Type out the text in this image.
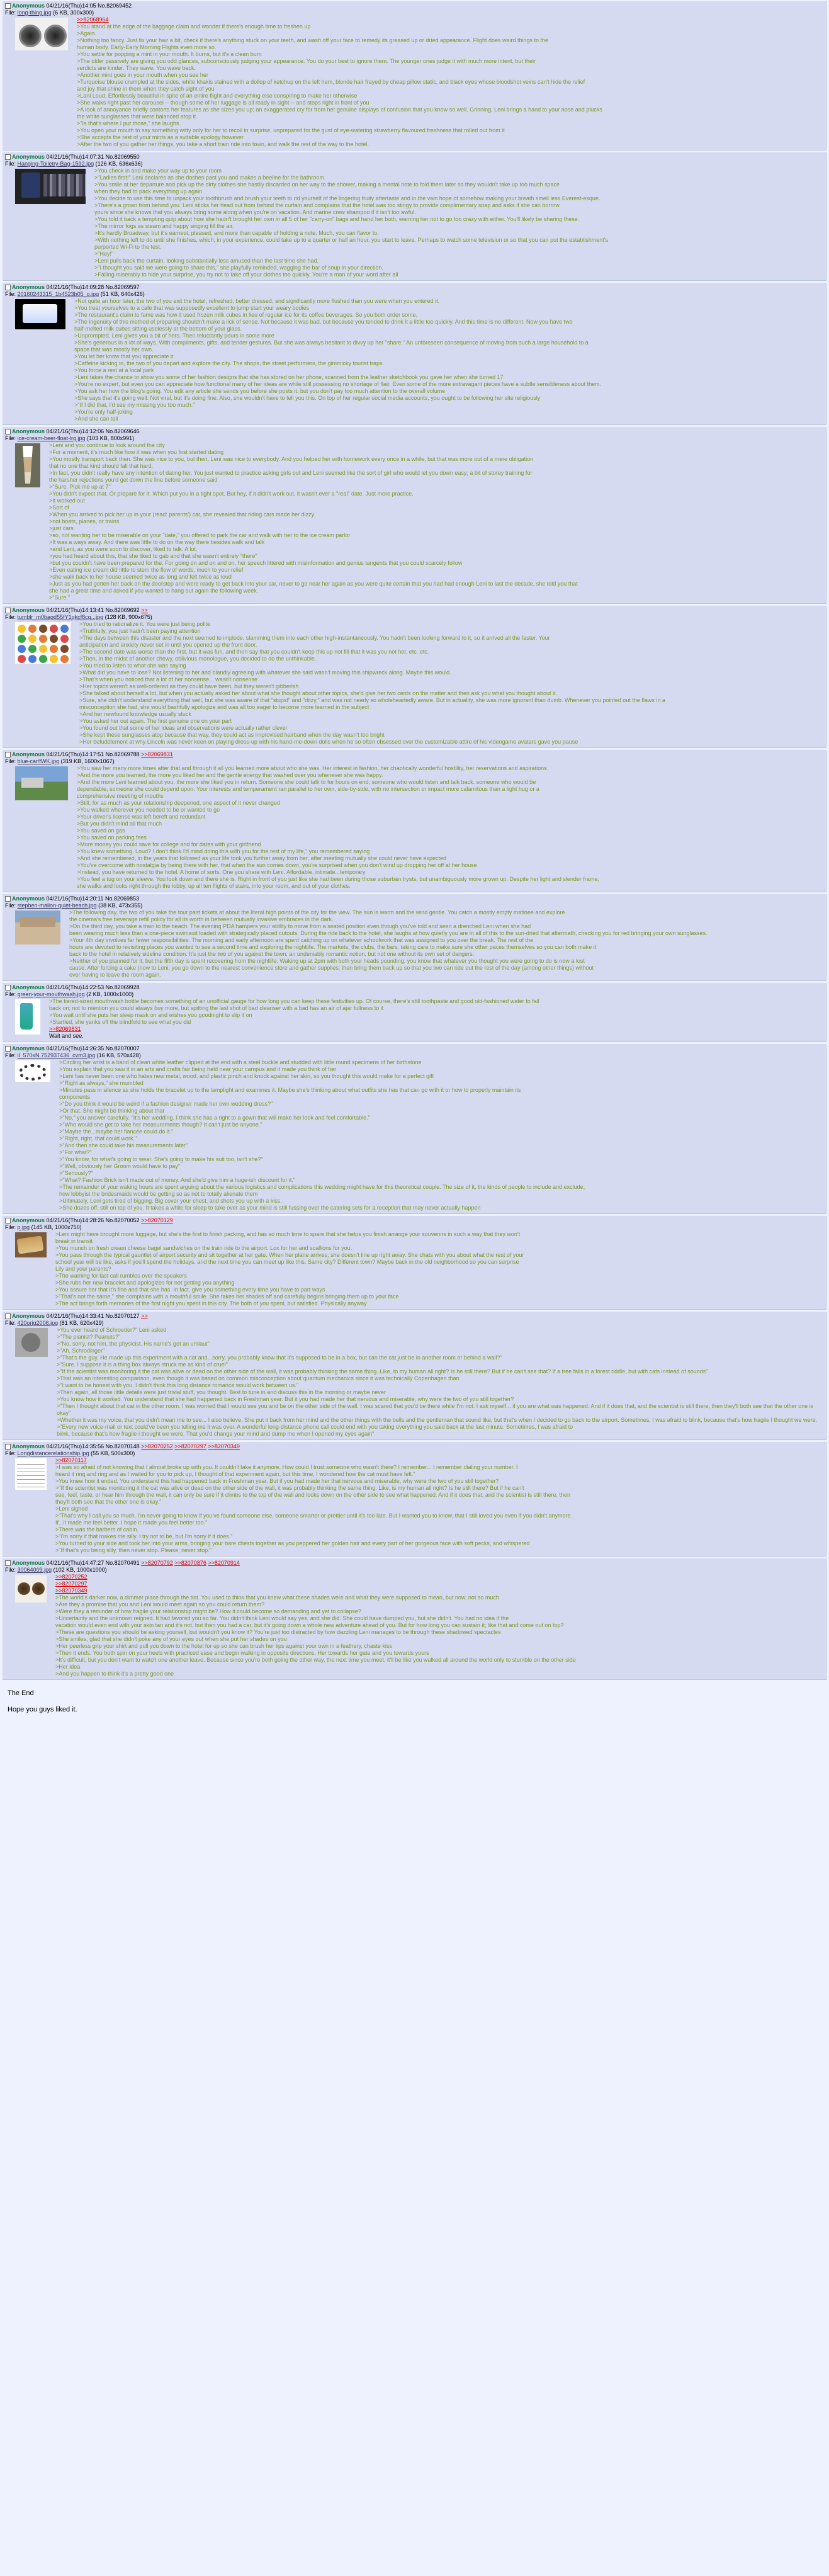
Anonymous 04/21/16(Thu)14:05 No.82069452
File: long-thing.jpg (6 KB, 300x300)
>>82068964
>You stand at the edge of the baggage claim and wonder if there's enough time to freshen up
>Again.
>Nothing too fancy. Just fix your hair a bit, check if there's anything stuck on your teeth, and wash off your face to remedy its greased up or dried appearance. Flight does weird things to the
human body. Early-Early Morning Flights even more so.
>You settle for popping a mint in your mouth. It burns, but it's a clean burn
>The older passively are giving you odd glances, subconsciously judging your appearance. You do your best to ignore them. The younger ones judge it with much more intent, but their
verdicts are kinder. They wave. You wave back.
>Another mint goes in your mouth when you see her
>Turquoise blouse crumpled at the sides, white khakis stained with a dollop of ketchup on the left hem, blonde hair frayed by cheap pillow static, and black eyes whose bloodshot veins can't hide the relief
and joy that shine in them when they catch sight of you
>Lani Loud. Effortlessly beautiful in spite of an entire flight and everything else conspiring to make her otherwise
>She walks right past her carousel -- though some of her luggage is all ready in sight -- and stops right in front of you
>A look of annoyance briefly contorts her features as she sizes you up; an exaggerated cry for from her genuine displays of confusion that you know so well. Grinning, Leni brings a hand to your nose and plucks
the white sunglasses that were balanced atop it.
>"Is that's where I put those," she laughs.
>You open your mouth to say something witty only for her to recoil in surprise, unprepared for the gust of eye-watering strawberry flavoured freshness that rolled out from it
>She accepts the rest of your mints as a suitable apology however
>After the two of you gather her things, you take a short train ride into town, and walk the rest of the way to the hotel.
Anonymous 04/21/16(Thu)14:07:31 No.82069550
File: Hanging-Toiletry-Bag-1592.jpg (126 KB, 636x636)
>You check in and make your way up to your room
>"Ladies first!" Leni declares as she dashes past you and makes a beeline for the bathroom.
>You smile at her departure and pick up the dirty clothes she hastily discarded on her way to the shower, making a mental note to fold them later so they wouldn't take up too much space
when they had to pack everything up again
>You decide to use this time to unpack your toothbrush and brush your teeth to rid yourself of the lingering fruity aftertaste and in the vain hope of somehow making your breath smell less Everest-esque.
>There's a groan from behind you. Leni sticks her head out from behind the curtain and complains that the hotel was too stingy to provide complimentary soap and asks if she can borrow
yours since she knows that you always bring some along when you're on vacation. And marine crew shampoo if it isn't too awful.
>You told it back a tempting quip about how she hadn't brought her own in all 5 of her "carry-on" bags and hand her both, warning her not to go too crazy with either. You'll likely be sharing these.
>The mirror fogs as steam and happy singing fill the air.
>It's hardly Broadway, but it's earnest, pleased, and more than capable of holding a note. Much, you can flavor to.
>With nothing left to do until she finishes, which, in your experience, could take up to a quarter or half an hour, you start to leave. Perhaps to watch some television or so that you can put the establishment's
purported Wi-Fi to the test.
>"Hey!"
>Leni pulls back the curtain, looking substantially less amused than the last time she had.
>"I thought you said we were going to share this," she playfully reminded, wagging the bar of soup in your direction.
>Falling miserably to hide your surprise, you try not to take off your clothes too quickly. You're a man of your word after all
Anonymous 04/21/16(Thu)14:09:28 No.82069597
File: 20160243315_1b4523b05_o.jpg (51 KB, 640x426)
>Not quite an hour later, the two of you exit the hotel, refreshed, better dressed, and significantly more flushed than you were when you entered it.
>You treat yourselves to a cafe that was supposedly excellent to jump start your weary bodies
>The restaurant's claim to fame was how it used frozen milk cubes in lieu of regular ice for its coffee beverages. So you both order some.
>The ingenuity of this method of preparing shouldn't make a lick of sense. Not because it was bad, but because you tended to drink it a little too quickly. And this time is no different. Now you have two
half-melted milk cubes sitting uselessly at the bottom of your glass.
>Unprompted, Leni gives you a bit of hers. Then reluctantly pours in some more
>She's generous in a lot of ways. With compliments, gifts, and tender gestures. But she was always hesitant to divvy up her "share." An unforeseen consequence of moving from such a large household to a
space that was mostly her own.
>You let her know that you appreciate it
>Caffeine kicking in, the two of you depart and explore the city. The shops, the street performers, the gimmicky tourist traps.
>You force a rest at a local park
>Leni takes the chance to show you some of her fashion designs that she has stored on her phone, scanned from the leather sketchbook you gave her when she turned 17
>You're no expert, but even you can appreciate how functional many of her ideas are while still possessing no shortage of flair. Even some of the more extravagant pieces have a subtle sensibleness about them.
>You ask her how the blog's going. You edit any article she sends you before she posts it, but you don't pay too much attention to the overall volume
>She says that it's going well. Not viral, but it's doing fine. Also, she wouldn't have to tell you this. On top of her regular social media accounts, you ought to be following her site religiously
>"If I did that, I'd see my missing you too much."
>You're only half-joking
>And she can tell
Anonymous 04/21/16(Thu)14:12:06 No.82069646
File: ice-cream-beer-float-lrg.jpg (103 KB, 800x991)
>Leni and you continue to look around the city
>For a moment, it's much like how it was when you first started dating
>You mostly transport back then. She was nice to you, but then, Leni was nice to everybody. And you helped her with homework every once in a while, but that was more out of a mere obligation
that no one that kind should fall that hard.
>In fact, you didn't really have any intention of dating her. You just wanted to practice asking girls out and Leni seemed like the sort of girl who would let you down easy; a bit of storey training for
the harsher rejections you'd get down the line before someone said
>"Sure. Pick me up at 7"
>You didn't expect that. Or prepare for it. Which put you in a tight spot. But hey, if it didn't work out, it wasn't ever a "real" date. Just more practice.
>It worked out
>Sort of
>When you arrived to pick her up in your (read: parents') car, she revealed that riding cars made her dizzy
>not boats, planes, or trains
>just cars
>so, not wanting her to be miserable on your "date," you offered to park the car and walk with her to the ice cream parlor
>It was a ways away. And there was little to do on the way there besides walk and talk
>and Leni, as you were soon to discover, liked to talk. A lot.
>you had heard about this, that she liked to gab and that she wasn't entirely "there"
>but you couldn't have been prepared for the. For going on and on and on, her speech littered with misinformation and genius tangents that you could scarcely follow
>Even eating ice cream did little to stem the flow of words, much to your relief
>she walk back to her house seemed twice as long and felt twice as loud
>Just as you had gotten her back on the doorstep and were ready to get back into your car, never to go near her again as you were quite certain that you had had enough Leni to last the decade, she told you that
she had a great time and asked if you wanted to hang out again the following week.
>"Sure."
Anonymous 04/21/16(Thu)14:13:41 No.82069692 >>
File: tumblr_m0bagd55fY1qkcf8cq...jpg (128 KB, 900x675)
>You tried to rationalize it. You were just being polite
>Truthfully, you just hadn't been paying attention
>The days between this disaster and the next seemed to implode, slamming them into each other high-instantaneously. You hadn't been looking forward to it, so it arrived all the faster. Your
anticipation and anxiety never set in until you opened up the front door.
>The second date was worse than the first. but it was fun, and then say that you couldn't keep this up not fill that it was you not her, etc. etc.
>Then, in the midst of another chewy, oblivious monologue, you decided to do the unthinkable.
>You tried to listen to what she was saying
>What did you have to lose? Not listening to her and blandly agreeing with whatever she said wasn't moving this shipwreck along. Maybe this would.
>That's when you noticed that a lot of her nonsense... wasn't nonsense
>Her topics weren't as well-ordered as they could have been, but they weren't gibberish
>She talked about herself a lot, but when you actually asked her about what she thought about other topics, she'd give her two cents on the matter and then ask you what you thought about it.
>Sure, she didn't understand everything that well, but she was aware of that "stupid" and "ditzy," and was not nearly so wholeheartedly aware. But in actuality, she was more ignorant than dumb. Whenever you pointed out the flaws in a
misconception she had, she would bashfully apologize and was all too eager to become more learned in the subject
>And her newfound knowledge usually stuck
>You asked her out again. The first genuine one on your part
>You found out that some of her ideas and observations were actually rather clever
>She kept these sunglasses atop because that way, they could act as improvised hairband when the day wasn't too bright
>Her befuddlement at why Lincoln was never keen on playing dress-up with his hand-me-down dolls when he so often obsessed over the customizable attire of his videogame avatars gave you pause
Anonymous 04/21/16(Thu)14:17:51 No.82069788 >>82069831
File: blue-car/fWK.jpg (319 KB, 1600x1067)
>You saw her many more times after that and through it all you learned more about who she was. Her interest in fashion, her chaotically wonderful hostility, her reservations and aspirations.
>And the more you learned, the more you liked her and the gentle energy that washed over you whenever she was happy.
>And the more Leni learned about you, the more she liked you in return. Someone she could talk to for hours on end; someone who would listen and talk back. someone who would be
dependable, someone she could depend upon. Your interests and temperament ran parallel to her own, side-by-side, with no intersection or impact more calamitous than a light hug or a
comprehensive meeting of mouths
>Still, for as much as your relationship deepened, one aspect of it never changed
>You walked wherever you needed to be or wanted to go
>Your driver's license was left bereft and redundant
>But you didn't mind all that much
>You saved on gas
>You saved on parking fees
>More money you could save for college and for dates with your girlfriend
>You knew something. Loud? I don't think I'd mind doing this with you for the rest of my life," you remembered saying
>And she remembered, in the years that followed as your life took you further away from her, after meeting mutually she could never have expected
>You've overcome with nostalgia by being there with her, that when the sun comes down, you're surprised when you don't wind up dropping her off at her house
>Instead, you have returned to the hotel. A home of sorts. One you share with Leni. Affordable, intimate...temporary
>You feel a tug on your sleeve. You look down and there she is. Right in front of you just like she had been during those suburban trysts; but unambiguously more grown up. Despite her light and slender frame,
she walks and looks right through the lobby, up all ten flights of stairs, into your room, and out of your clothes.
Anonymous 04/21/16(Thu)14:20:11 No.82069853
File: stephen-mallon-quiet-beach.jpg (38 KB, 473x355)
>The following day, the two of you take the tour past tickets at about the literal high points of the city for the view. The sun is warm and the wind gentle. You catch a mostly empty matinee and explore
the cinema's free beverage refill policy for all its worth in between mutually invasive embraces in the dark.
>On the third day, you take a train to the beach. The evening PDA hampers your ability to move from a seated position even though you've told and seen a drenched Leni when she had
been wearing much less than a one-piece swimsuit loaded with strategically placed cutouts. During the ride back to the hotel, she laughs at how quietly you are in all of this to the sun-dried that aftermath, checking you for red bringing your own sunglasses.
>Your 4th day involves far fewer responsibilities. The morning and early afternoon are spent catching up on whatever schoolwork that was assigned to you over the break. The rest of the
hours are devoted to revisiting places you wanted to see a second time and exploring the nightlife. The markets, the clubs, the bars. taking care to make sure she other paces themselves so you can both make it
back to the hotel in relatively sideline condition. It's just the two of you against the town; an undeniably romantic notion, but not one without its own set of dangers.
>Neither of you planned for it, but the fifth day is spent recovering from the nightlife. Waking up at 2pm with both your heads pounding; you know that whatever you thought you were going to do is now a lost
cause. After forcing a cake (now to Leni, you go down to the nearest convenience store and gather supplies; then bring them back up so that you two can ride out the rest of the day (among other things) without
ever having to leave the room again.
Anonymous 04/21/16(Thu)14:22:53 No.82069928
File: green-your-mouthwash.jpg (2 KB, 1000x1000)
>The tiered-sized mouthwash bottle becomes something of an unofficial gauge for how long you can keep these festivities up. Of course, there's still toothpaste and good old-fashioned water to fall
back on; not to mention you could always buy more, but spitting the last shot of bad cleanser with a bad has an air of ajar fullness to it
>You wait until she puts her sleep mask on and wishes you goodnight to slip it on
>Startled, she yanks off the blindfold to see what you did
>>82069831
Wait and see.
Anonymous 04/21/16(Thu)14:26:35 No.82070007
File: il_570xN.752937436_cvm3.jpg (16 KB, 570x428)
>Circling her wrist is a band of clean white leather clipped at the end with a steel buckle and studded with little round specimens of her birthstone
>You explain that you saw it in an arts and crafts fair being held near your campus and it made you think of her
>Leni has never been one who hates new metal, wood, and plastic pinch and knock against her skin, so you thought this would make for a perfect gift
>"Right as always," she mumbled
>Minutes pass in silence as she holds the bracelet up to the lamplight and examines it. Maybe she's thinking about what outfits she has that can go with it or how to properly maintain its
components
>"Do you think it would be weird if a fashion designer made her own wedding dress?"
>Or that. She might be thinking about that
>"No," you answer carefully. "It's her wedding. I think she has a right to a gown that will make her look and feel comfortable."
>"Who would she get to take her measurements though? It can't just be anyone."
>"Maybe the...maybe her fiancée could do it."
>"Right, right, that could work."
>"And then she could take his measurements later"
>"For what?"
>"You know, for what's going to wear. She's going to make his suit too, isn't she?"
>"Well, obviously her Groom would have to pay"
>"Seriously?"
>"What? Fashion Brick isn't made out of money. And she'd give him a huge-ish discount for it."
>The remainder of your waking hours are spent arguing about the various logistics and complications this wedding might have for this theoretical couple. The size of it, the kinds of people to include and exclude,
how lobbyist the bridesmaids would be getting so as not to totally alienate them
>Ultimately, Leni gets tired of bigging. Big cover your chest, and shots you up with a kiss.
>She dozes off, still on top of you. It takes a while for sleep to take over as your mind is still fussing over the catering sets for a reception that may never actually happen
Anonymous 04/21/16(Thu)14:28:26 No.82070052 >>82070129
File: p.jpg (145 KB, 1000x750)
>Leni might have brought more luggage, but she's the first to finish packing, and has so much time to spare that she helps you finish arrange your souvenirs in such a way that they won't
break in transit
>You munch on fresh cream cheese bagel sandwiches on the train ride to the airport. Lox for her and scallions for you.
>You pass through the typical gauntlet of airport security and sit together at her gate. When her plane arrives, she doesn't line up right away. She chats with you about what the rest of your
school year will be like, asks if you'll spend the holidays, and the next time you can meet up like this. Same city? Different town? Maybe back in the old neighborhood so you can surprise
Lily and your parents?
>The warning for last call rumbles over the speakers
>She rubs her new bracelet and apologizes for not getting you anything
>You assure her that it's fine and that she has. In fact, give you something every time you have to part ways
>"That's not the same," she complains with a mouthful smile. She takes her shades off and carefully begins bringing them up to your face
>The act brings forth memories of the first night you spent in this city. The both of you spent, but satisfied. Physically anyway
Anonymous 04/21/16(Thu)14:33:41 No.82070127 >>
File: 420orig2006.jpg (81 KB, 620x429)
>You ever heard of Schroeder?" Leni asked
>"The pianist? Peanuts?"
>"No, sorry, not him, the physicist. His name's got an umlaut"
>"Ah, Schrodinger"
>"That's the guy. He made up this experiment with a cat and...sorry, you probably know that it's supposed to be in a box, but can the cat just be in another room or behind a wall?"
>"Sure. I suppose it is a thing box always struck me as kind of cruel"
>"If the scientist was monitoring it the cat was alive or dead on the other side of the wall, it was probably thinking the same thing. Like, to my human all right? Is he still there? But if he can't see that? If a tree falls in a forest riddle, but with cats instead of sounds"
>That was an interesting comparison, even though it was based on common misconception about quantum mechanics since it was technically Copenhagen than
>"I want to be honest with you. I didn't think this long distance romance would work between us."
>Then again, all those little details were just trivial stuff, you thought. Best to tune in and discuss this in the morning or maybe never
>You know how it worked. You understand that she had happened back in Freshman year. But it you had made her that nervous and miserable, why were the two of you still together?
>"Then I thought about that cat in the other room. I was worried that I would see you and be on the other side of the wall. I was scared that you'd be there while I'm not. I ask myself... if you are what was happened. And if it does that, and the scientist is still there, then they'll both see that the other one is okay"
>Whether it was my voice, that you didn't mean me to see... I also believe. She put it back from her mind and the other things with the bells and the gentleman that sound like, but that's when I decided to go back to the airport. Sometimes, I was afraid to blink, because that's how fragile I thought we were.
>"Every new voice-mail or text could've been you telling me it was over. A wonderful long-distance phone call could end with you taking everything you said back at the last minute. Sometimes, I was afraid to
blink, because that's how fragile I thought we were. That you'd change your mind and dump me when I opened my eyes again"
Anonymous 04/21/16(Thu)14:35:56 No.82070148 >>82070252 >>82070297 >>82070349
File: Longdistancerelationship.jpg (55 KB, 500x300)
>>82070117
>I was so afraid of not knowing that I almost broke up with you. It couldn't take it anymore. How could I trust someone who wasn't there? I remember... I remember dialing your number. I
heard it ring and ring and as I waited for you to pick up, I thought of that experiment again, but this time, I wondered how the cat must have felt."
>You knew how it ended. You understand this had happened back in Freshman year. But if you had made her that nervous and miserable, why were the two of you still together?
>"If the scientist was monitoring it the cat was alive or dead on the other side of the wall, it was probably thinking the same thing. Like, is my human all right? Is he still there? But if he can't
see, feel, taste, or hear him through the wall, it can only be sure if it climbs to the top of the wall and looks down on the other side to see what happened. And if it does that, and the scientist is still there, then
they'll both see that the other one is okay."
>Leni sighed
>"That's why I call you so much. I'm never going to know if you've found someone else, someone smarter or prettier until it's too late. But I wanted you to know, that I still loved you even if you didn't anymore.
If...it made me feel better. I hope it made you feel better too."
>There was the barbers of cabin.
>"I'm sorry if that makes me silly. I try not to be, but I'm sorry if it does."
>You turned to your side and took her into your arms, bringing your bare chests together as you peppered her golden hair and every part of her gorgeous face with soft pecks, and whispered
>"If that's you being silly, then never stop. Please, never stop."
Anonymous 04/21/16(Thu)14:47:27 No.82070491 >>82070792 >>82070876 >>82070914
File: 30064009.jpg (102 KB, 1000x1000)
>>82070252
>>82070297
>>82070349
>The world's darker now, a dimmer place through the tint. You used to think that you knew what these shades were and what they were supposed to mean, but now, not so much
>Are they a promise that you and Leni would meet again so you could return them?
>Were they a reminder of how fragile your relationship might be? How it could become so demanding and yet to collapse?
>Uncertainty and the unknown reigned. It had favored you so far. You didn't think Leni would say yes, and she did. She could have dumped you, but she didn't. You had no idea if the
vacation would even end with your skin tan and it's not, but then you had a car, but it's going down a whole new adventure ahead of you. But for how long you can sustain it; like that and come out on top?
>These are questions you should be asking yourself, but wouldn't you know it? You're just too distracted by how dazzling Leni manages to be through these shadowed spectacles
>She smiles, glad that she didn't poke any of your eyes out when she put her shades on you
>Her peerless grip your shirt and pull you down to the hotel for up so she can brush her lips against your own in a feathery, chaste kiss
>Then it ends. You both spin on your heels with practiced ease and begin walking in opposite directions. Her towards her gate and you towards yours
>It's difficult, but you don't want to watch one another leave. Because since you're both going the other way, the next time you meet, it'll be like you walked all around the world only to stumble on the other side
>Her idea
>And you happen to think it's a pretty good one
The End
Hope you guys liked it.
